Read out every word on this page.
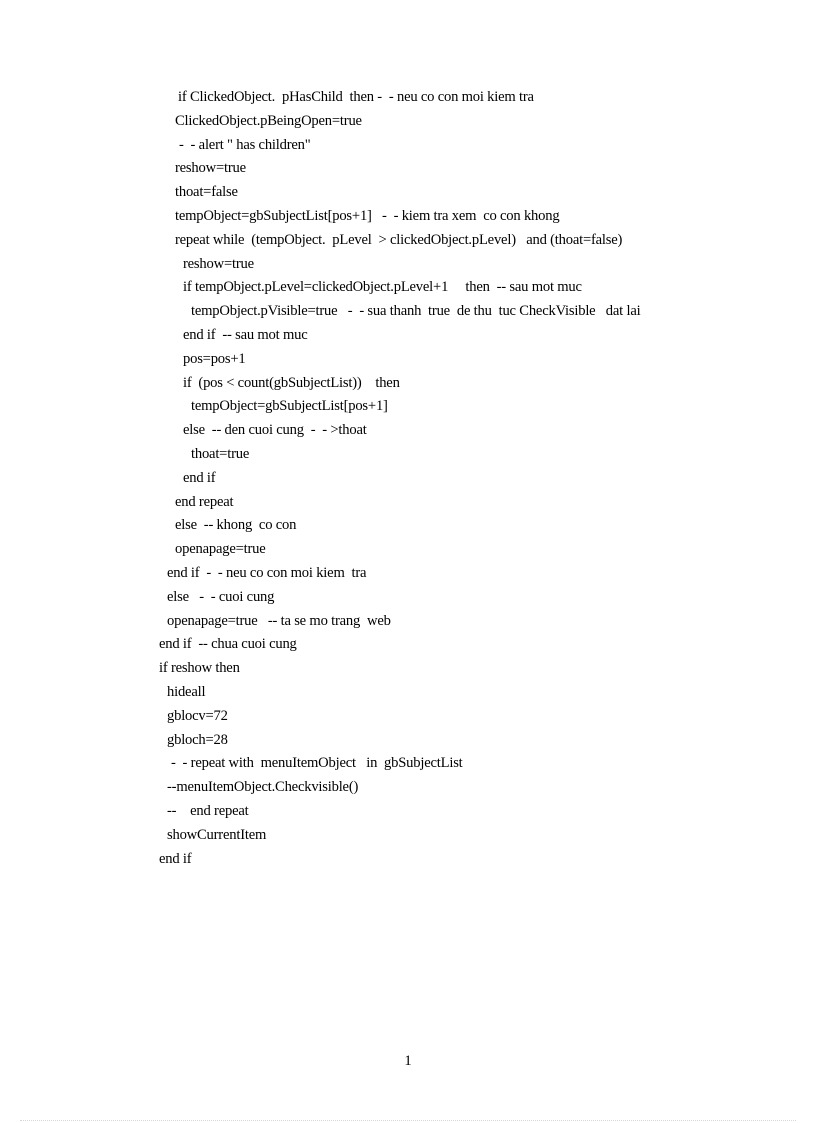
if ClickedObject.  pHasChild  then -  - neu co con moi kiem tra
ClickedObject.pBeingOpen=true
-  - alert " has children"
reshow=true
thoat=false
tempObject=gbSubjectList[pos+1]   -  - kiem tra xem  co con khong
repeat while  (tempObject.  pLevel  > clickedObject.pLevel)   and (thoat=false)
reshow=true
if tempObject.pLevel=clickedObject.pLevel+1     then  -- sau mot muc
tempObject.pVisible=true   -  - sua thanh  true  de thu  tuc CheckVisible   dat lai
end if  -- sau mot muc
pos=pos+1
if  (pos < count(gbSubjectList))    then
tempObject=gbSubjectList[pos+1]
else  -- den cuoi cung  -  - >thoat
thoat=true
end if
end repeat
else  -- khong  co con
openapage=true
end if  -  - neu co con moi kiem  tra
else   -  - cuoi cung
openapage=true   -- ta se mo trang  web
end if  -- chua cuoi cung
if reshow then
hideall
gblocv=72
gbloch=28
-  - repeat with  menuItemObject   in  gbSubjectList
--menuItemObject.Checkvisible()
--    end repeat
showCurrentItem
end if
1
